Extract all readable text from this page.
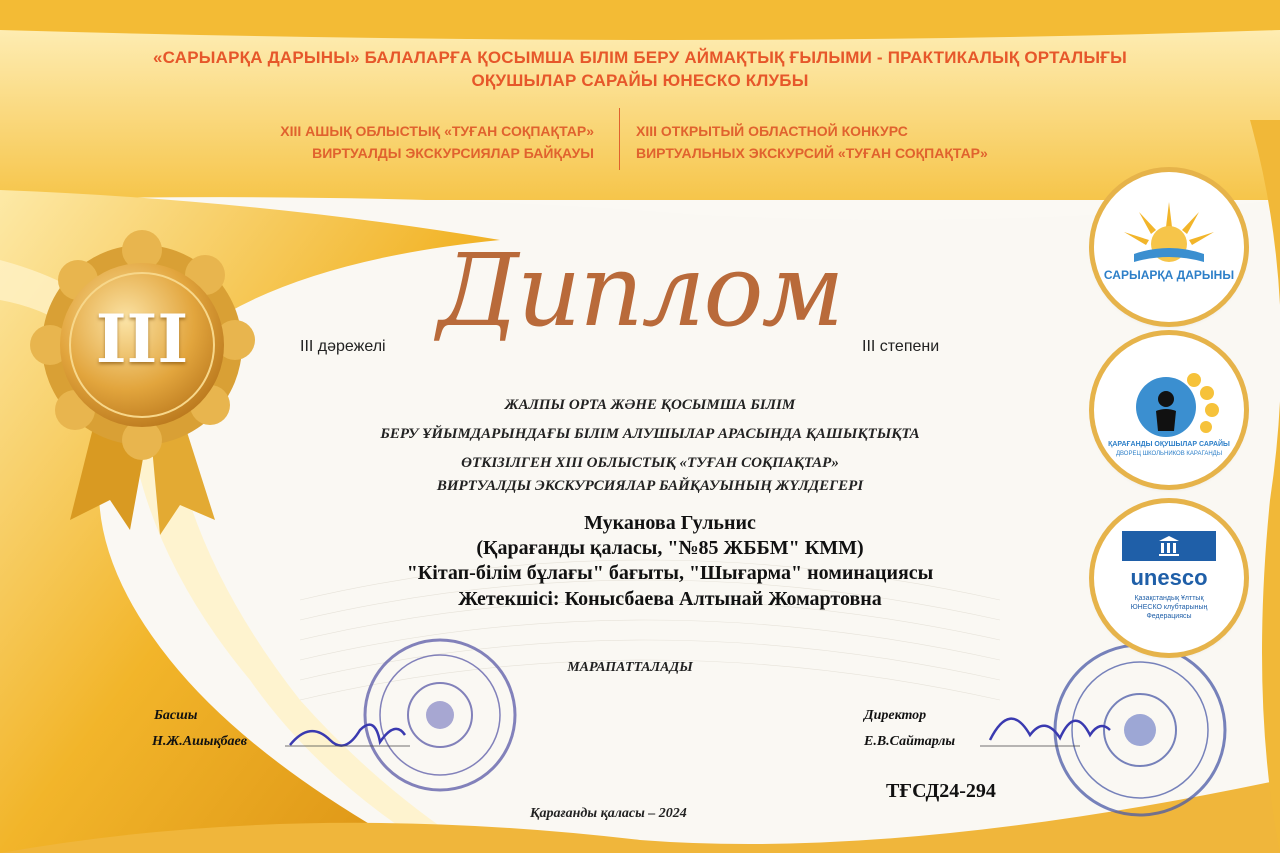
«САРЫАРҚА ДАРЫНЫ» БАЛАЛАРҒА ҚОСЫМША БІЛІМ БЕРУ АЙМАҚТЫҚ ҒЫЛЫМИ - ПРАКТИКАЛЫҚ ОРТАЛЫҒЫ
ОҚУШЫЛАР САРАЙЫ ЮНЕСКО КЛУБЫ
XIII АШЫҚ ОБЛЫСТЫҚ «ТУҒАН СОҚПАҚТАР»
ВИРТУАЛДЫ ЭКСКУРСИЯЛАР БАЙҚАУЫ
XIII ОТКРЫТЫЙ ОБЛАСТНОЙ КОНКУРС
ВИРТУАЛЬНЫХ ЭКСКУРСИЙ «ТУҒАН СОҚПАҚТАР»
III Диплом
III дәрежелі	III степени
ЖАЛПЫ ОРТА ЖӘНЕ ҚОСЫМША БІЛІМ
БЕРУ ҰЙЫМДАРЫНДАҒЫ БІЛІМ АЛУШЫЛАР АРАСЫНДА ҚАШЫҚТЫҚТА
ӨТКІЗІЛГЕН XIII ОБЛЫСТЫҚ «ТУҒАН СОҚПАҚТАР»
ВИРТУАЛДЫ ЭКСКУРСИЯЛАР БАЙҚАУЫНЫҢ ЖҮЛДЕГЕРІ
Муканова Гульнис
(Қарағанды қаласы, "№85 ЖББМ" КММ)
"Кітап-білім бұлағы" бағыты, "Шығарма" номинациясы
Жетекшісі: Конысбаева Алтынай Жомартовна
МАРАПАТТАЛАДЫ
Басшы
Н.Ж.Ашықбаев
Директор
Е.В.Сайтарлы
ТҒСД24-294
Қарағанды қаласы – 2024
САРЫАРҚА ДАРЫНЫ
ҚАРАҒАНДЫ ОҚУШЫЛАР САРАЙЫ
ДВОРЕЦ ШКОЛЬНИКОВ КАРАГАНДЫ
unesco
Қазақстандық Ұлттық
ЮНЕСКО клубтарының
Федерациясы
